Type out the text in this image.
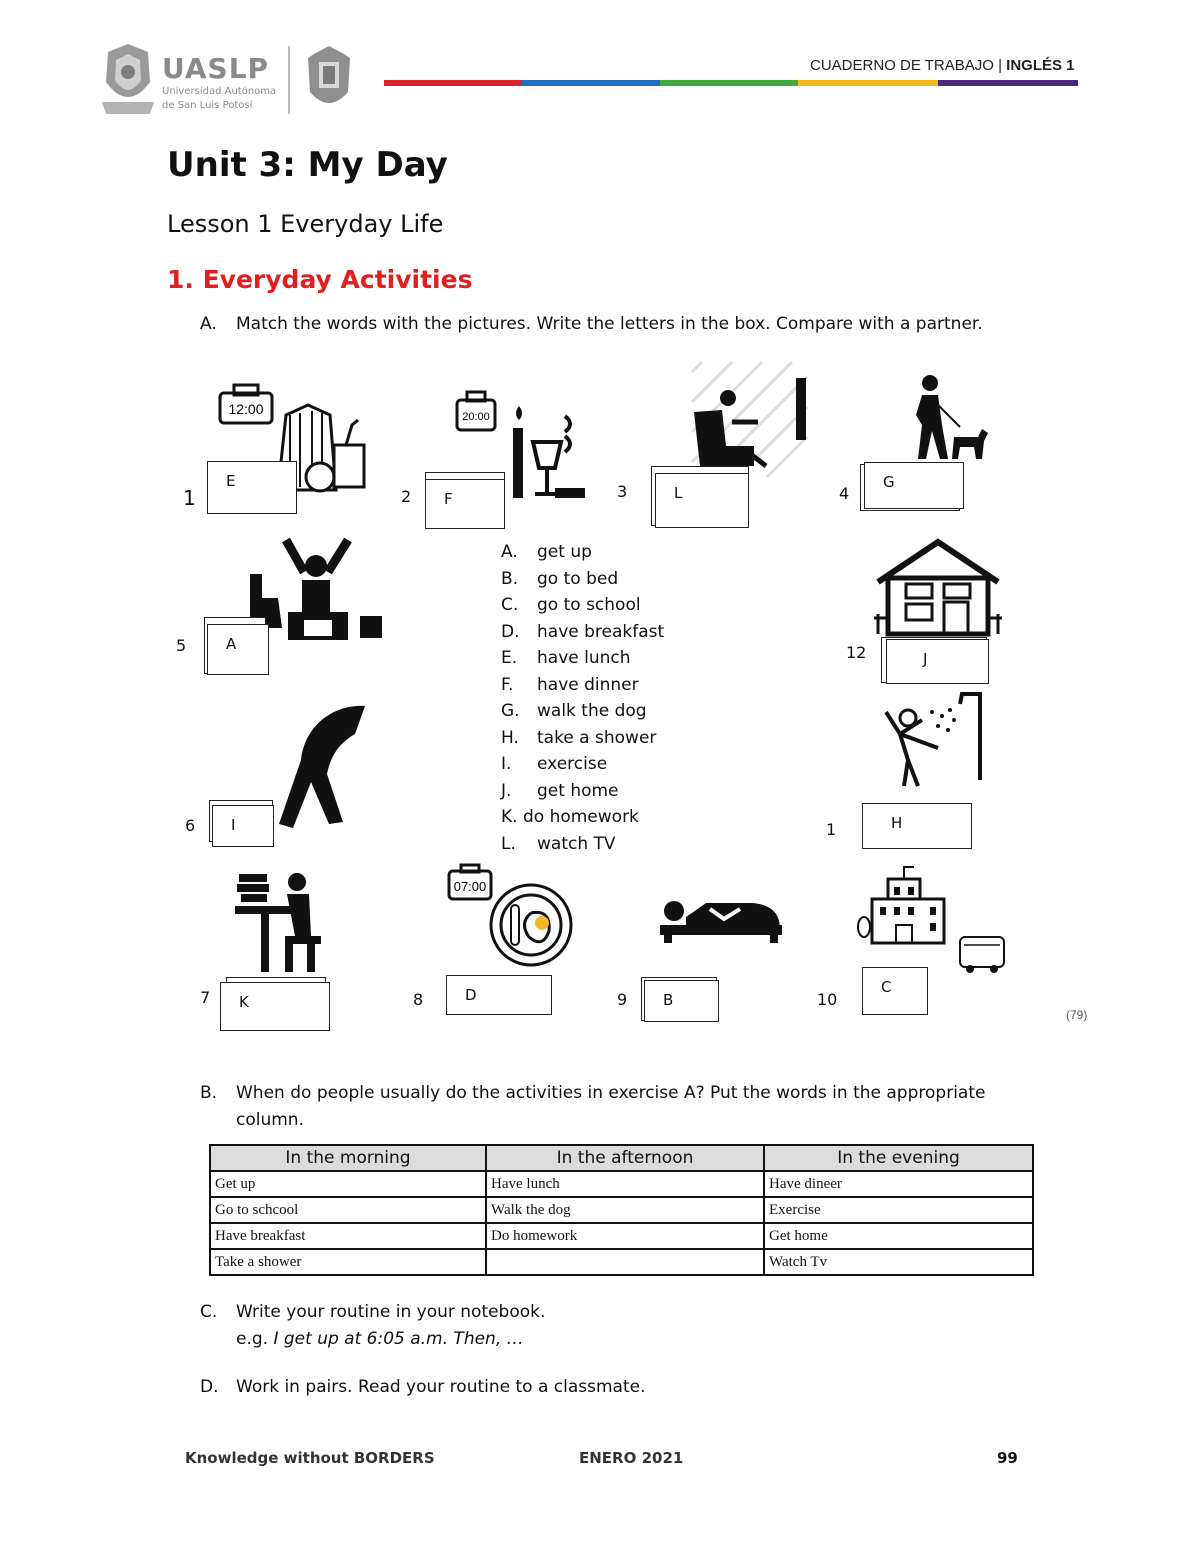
UASLP
Universidad Autónoma
de San Luis Potosí
CUADERNO DE TRABAJO | INGLÉS 1
Unit 3: My Day
Lesson 1 Everyday Life
1. Everyday Activities
A. Match the words with the pictures. Write the letters in the box. Compare with a partner.
12:00
1
E
20:00
2 F	3	L	4
G
5	A
A. get up
B. go to bed
C. go to school
D. have breakfast
E. have lunch
F. have dinner
G. walk the dog
H. take a shower
I. exercise
J. get home
K. do homework
L. watch TV
12	J
6 I	1	H
7 K
07:00
8	D	9 B	10
C
(79)
B. When do people usually do the activities in exercise A? Put the words in the appropriate
column.
In the morning	In the afternoon	In the evening
Get up	Have lunch	Have dineer
Go to schcool	Walk the dog	Exercise
Have breakfast	Do homework	Get home
Take a shower		Watch Tv
C. Write your routine in your notebook.
e.g. I get up at 6:05 a.m. Then, …
D. Work in pairs. Read your routine to a classmate.
Knowledge without BORDERS	ENERO 2021	99
